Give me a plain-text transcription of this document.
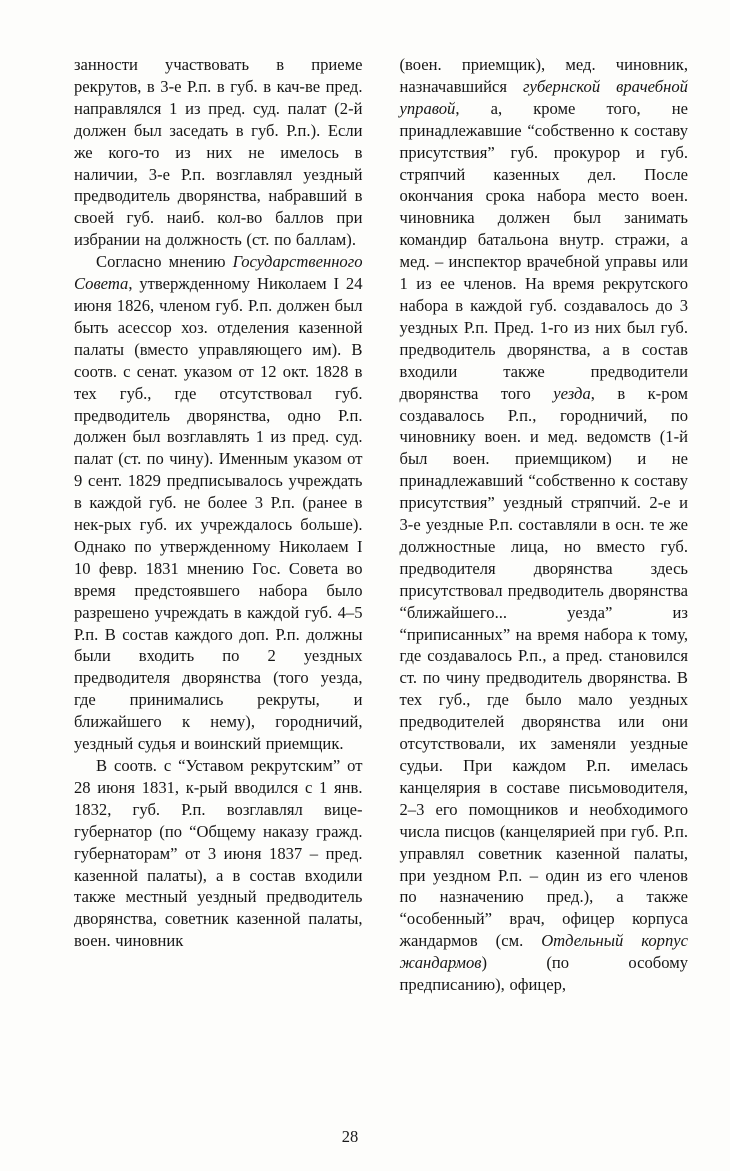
занности участвовать в приеме рекрутов, в 3-е Р.п. в губ. в кач-ве пред. направлялся 1 из пред. суд. палат (2-й должен был заседать в губ. Р.п.). Если же кого-то из них не имелось в наличии, 3-е Р.п. возглавлял уездный предводитель дворянства, набравший в своей губ. наиб. кол-во баллов при избрании на должность (ст. по баллам).

Согласно мнению Государственного Совета, утвержденному Николаем I 24 июня 1826, членом губ. Р.п. должен был быть асессор хоз. отделения казенной палаты (вместо управляющего им). В соотв. с сенат. указом от 12 окт. 1828 в тех губ., где отсутствовал губ. предводитель дворянства, одно Р.п. должен был возглавлять 1 из пред. суд. палат (ст. по чину). Именным указом от 9 сент. 1829 предписывалось учреждать в каждой губ. не более 3 Р.п. (ранее в нек-рых губ. их учреждалось больше). Однако по утвержденному Николаем I 10 февр. 1831 мнению Гос. Совета во время предстоявшего набора было разрешено учреждать в каждой губ. 4–5 Р.п. В состав каждого доп. Р.п. должны были входить по 2 уездных предводителя дворянства (того уезда, где принимались рекруты, и ближайшего к нему), городничий, уездный судья и воинский приемщик.

В соотв. с “Уставом рекрутским” от 28 июня 1831, к-рый вводился с 1 янв. 1832, губ. Р.п. возглавлял вице-губернатор (по “Общему наказу гражд. губернаторам” от 3 июня 1837 – пред. казенной палаты), а в состав входили также местный уездный предводитель дворянства, советник казенной палаты, воен. чиновник

(воен. приемщик), мед. чиновник, назначавшийся губернской врачебной управой, а, кроме того, не принадлежавшие “собственно к составу присутствия” губ. прокурор и губ. стряпчий казенных дел. После окончания срока набора место воен. чиновника должен был занимать командир батальона внутр. стражи, а мед. – инспектор врачебной управы или 1 из ее членов. На время рекрутского набора в каждой губ. создавалось до 3 уездных Р.п. Пред. 1-го из них был губ. предводитель дворянства, а в состав входили также предводители дворянства того уезда, в к-ром создавалось Р.п., городничий, по чиновнику воен. и мед. ведомств (1-й был воен. приемщиком) и не принадлежавший “собственно к составу присутствия” уездный стряпчий. 2-е и 3-е уездные Р.п. составляли в осн. те же должностные лица, но вместо губ. предводителя дворянства здесь присутствовал предводитель дворянства “ближайшего... уезда” из “приписанных” на время набора к тому, где создавалось Р.п., а пред. становился ст. по чину предводитель дворянства. В тех губ., где было мало уездных предводителей дворянства или они отсутствовали, их заменяли уездные судьи. При каждом Р.п. имелась канцелярия в составе письмоводителя, 2–3 его помощников и необходимого числа писцов (канцелярией при губ. Р.п. управлял советник казенной палаты, при уездном Р.п. – один из его членов по назначению пред.), а также “особенный” врач, офицер корпуса жандармов (см. Отдельный корпус жандармов) (по особому предписанию), офицер,

28
